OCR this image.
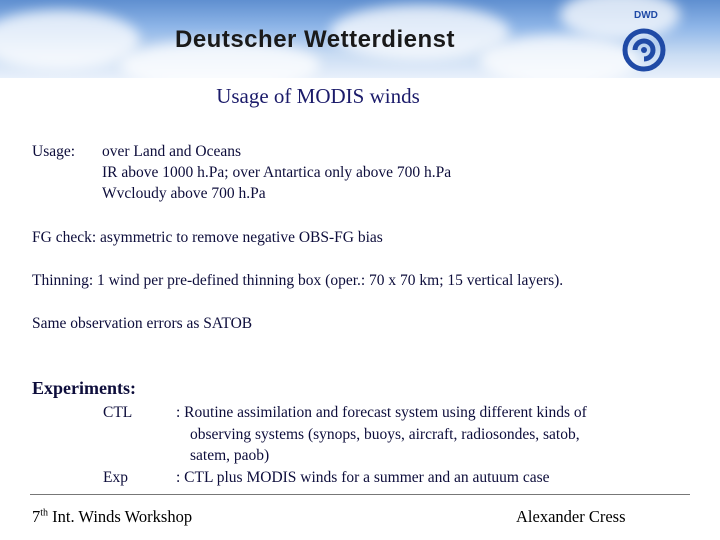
Deutscher Wetterdienst
DWD
Usage of MODIS winds
Usage: over Land and Oceans
IR above 1000 h.Pa; over Antartica only above 700 h.Pa
Wvcloudy above 700 h.Pa
FG check: asymmetric to remove negative OBS-FG bias
Thinning: 1 wind per pre-defined thinning box (oper.: 70 x 70 km; 15 vertical layers).
Same observation errors as SATOB
Experiments:
CTL	: Routine assimilation and forecast system using different kinds of
observing systems (synops, buoys, aircraft, radiosondes, satob,
satem, paob)
Exp	: CTL plus MODIS winds for a summer and an autuum case
7th Int. Winds Workshop	Alexander Cress
